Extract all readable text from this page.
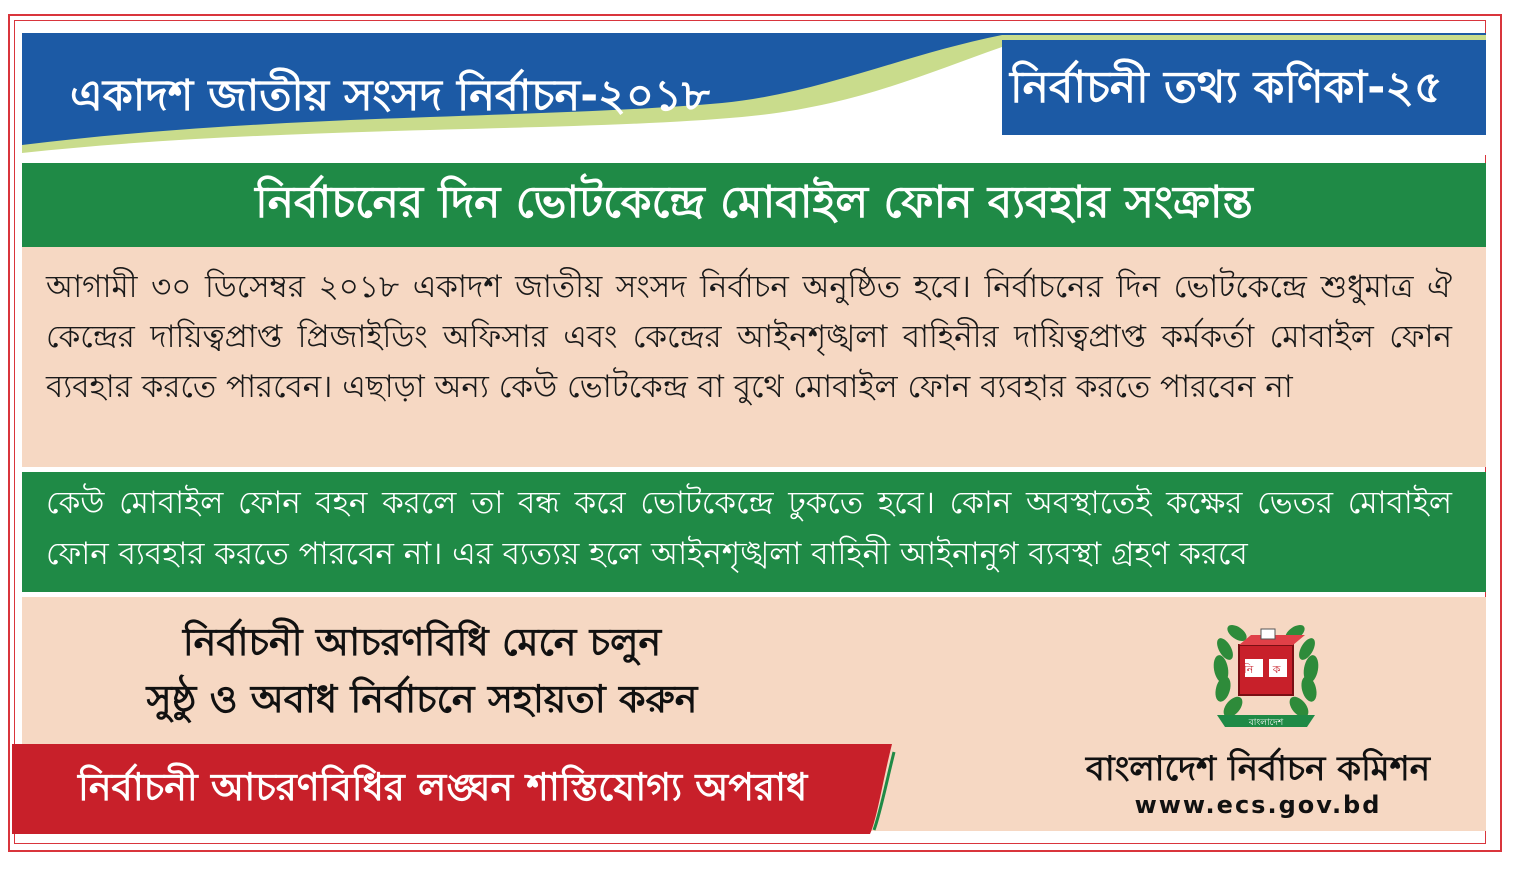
একাদশ জাতীয় সংসদ নির্বাচন-২০১৮	নির্বাচনী তথ্য কণিকা-২৫
নির্বাচনের দিন ভোটকেন্দ্রে মোবাইল ফোন ব্যবহার সংক্রান্ত
আগামী ৩০ ডিসেম্বর ২০১৮ একাদশ জাতীয় সংসদ নির্বাচন অনুষ্ঠিত হবে। নির্বাচনের দিন ভোটকেন্দ্রে শুধুমাত্র ঐ কেন্দ্রের দায়িত্বপ্রাপ্ত প্রিজাইডিং অফিসার এবং কেন্দ্রের আইনশৃঙ্খলা বাহিনীর দায়িত্বপ্রাপ্ত কর্মকর্তা মোবাইল ফোন ব্যবহার করতে পারবেন। এছাড়া অন্য কেউ ভোটকেন্দ্র বা বুথে মোবাইল ফোন ব্যবহার করতে পারবেন না
কেউ মোবাইল ফোন বহন করলে তা বন্ধ করে ভোটকেন্দ্রে ঢুকতে হবে। কোন অবস্থাতেই কক্ষের ভেতর মোবাইল ফোন ব্যবহার করতে পারবেন না। এর ব্যত্যয় হলে আইনশৃঙ্খলা বাহিনী আইনানুগ ব্যবস্থা গ্রহণ করবে
নির্বাচনী আচরণবিধি মেনে চলুন
সুষ্ঠু ও অবাধ নির্বাচনে সহায়তা করুন
নির্বাচনী আচরণবিধির লঙ্ঘন শাস্তিযোগ্য অপরাধ
নি ক
বাংলাদেশ
বাংলাদেশ নির্বাচন কমিশন
www.ecs.gov.bd
